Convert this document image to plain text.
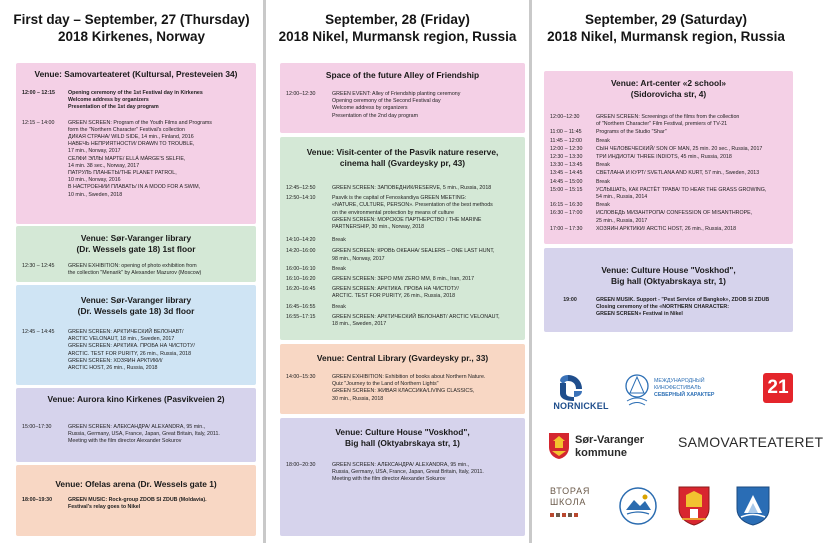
First day – September, 27 (Thursday)
2018 Kirkenes, Norway
Venue: Samovarteateret (Kultursal, Presteveien 34)
12:00 – 12:15	Opening ceremony of the 1st Festival day in Kirkenes
Welcome address by organizers
Presentation of the 1st day program
12:15 – 14:00	GREEN SCREEN: Program of the Youth Films and Programs
form the "Northern Character" Festival's collection
ДИКАЯ СТРАНА/ WILD SIDE, 14 min., Finland, 2016
НАВЕЧЬ НЕПРИЯТНОСТИ/ DRAWN TO TROUBLE,
17 min., Norway, 2017
СЕЛФИ ЭЛЛЫ МАРТЕ/ ELLÁ MÁRGE'S SELFIE,
14 min. 38 sec., Norway, 2017
ПАТРУЛЬ ПЛАНЕТЫ/THE PLANET PATROL,
10 min., Norway, 2016
В НАСТРОЕНИИ ПЛАВАТЬ/ IN A MOOD FOR A SWIM,
10 min., Sweden, 2018
Venue: Sør-Varanger library
(Dr. Wessels gate 18) 1st floor
12:30 – 12:45	GREEN EXHIBITION: opening of photo exhibition from
the collection "Menarik" by Alexander Mazurov (Moscow)
Venue: Sør-Varanger library
(Dr. Wessels gate 18) 3d floor
12:45 – 14:45	GREEN SCREEN: АРКТИЧЕСКИЙ ВЕЛОНАВТ/
ARCTIC VELONAUT, 18 min., Sweden, 2017
GREEN SCREEN: АРКТИКА. ПРОБА НА ЧИСТОТУ/
ARCTIC. TEST FOR PURITY, 26 min., Russia, 2018
GREEN SCREEN: ХОЗЯИН АРКТИКИ/
ARCTIC HOST, 26 min., Russia, 2018
Venue: Aurora kino Kirkenes (Pasvikveien 2)
15:00–17:30	GREEN SCREEN: АЛЕКСАНДРА/ ALEXANDRA, 95 min.,
Russia, Germany, USA, France, Japan, Great Britain, Italy, 2011.
Meeting with the film director Alexander Sokurov
Venue: Ofelas arena (Dr. Wessels gate 1)
18:00–19:30	GREEN MUSIC: Rock-group ZDOB SI ZDUB (Moldavia).
Festival's relay goes to Nikel
September, 28 (Friday)
2018 Nikel, Murmansk region, Russia
Space of the future Alley of Friendship
12:00–12:30	GREEN EVENT: Alley of Friendship planting ceremony
Opening ceremony of the Second Festival day
Welcome address by organizers
Presentation of the 2nd day program
Venue: Visit-center of the Pasvik nature reserve,
cinema hall (Gvardeysky pr, 43)
12:45–12:50	GREEN SCREEN: ЗАПОВЕДНИК/RESERVE, 5 min., Russia, 2018
12:50–14:10	Pasvik is the capital of Fenoskandiya GREEN MEETING:
«NATURE, CULTURE, PERSON». Presentation of the best methods
on the environmental protection by means of culture
GREEN SCREEN: МОРСКОЕ ПАРТНЕРСТВО / THE MARINE
PARTNERSHIP, 30 min., Norway, 2018
14:10–14:20	Break
14:20–16:00	GREEN SCREEN: КРОВЬ ОКЕАНА/ SEALERS – ONE LAST HUNT,
98 min., Norway, 2017
16:00–16:10	Break
16:10–16:20	GREEN SCREEN: ЗЕРО ММ/ ZERO MM, 8 min., Iran, 2017
16:20–16:45	GREEN SCREEN: АРКТИКА. ПРОБА НА ЧИСТОТУ/
ARCTIC. TEST FOR PURITY, 26 min., Russia, 2018
16:45–16:55	Break
16:55–17:15	GREEN SCREEN: АРКТИЧЕСКИЙ ВЕЛОНАВТ/ ARCTIC VELONAUT,
18 min., Sweden, 2017
Venue: Central Library (Gvardeysky pr., 33)
14:00–15:30	GREEN EXHIBITION: Exhibition of books about Northern Nature.
Quiz "Journey to the Land of Northern Lights"
GREEN SCREEN: ЖИВАЯ КЛАССИКА/LIVING CLASSICS,
30 min., Russia, 2018
Venue: Culture House "Voskhod",
Big hall (Oktyabrskaya str, 1)
18:00–20:30	GREEN SCREEN: АЛЕКСАНДРА/ ALEXANDRA, 95 min.,
Russia, Germany, USA, France, Japan, Great Britain, Italy, 2011.
Meeting with the film director Alexander Sokurov
September, 29 (Saturday)
2018 Nikel, Murmansk region, Russia
Venue: Art-center «2 school»
(Sidorovicha str, 4)
12:00–12:30	GREEN SCREEN: Screenings of the films from the collection
of "Northern Character" Film Festival, premiers of TV-21
11:00 – 11:45	Programs of the Studio "Shar"
11:45 – 12:00	Break
12:00 – 12:30	СЫН ЧЕЛОВЕЧЕСКИЙ/ SON OF MAN, 25 min. 20 sec., Russia, 2017
12:30 – 13:30	ТРИ ИНДИОТА/ THREE INDIOTS, 45 min., Russia, 2018
13:30 – 13:45	Break
13:45 – 14:45	СВЕТЛАНА И КУРТ/ SVETLANA AND KURT, 57 min., Sweden, 2013
14:45 – 15:00	Break
15:00 – 15:15	УСЛЫШАТЬ, КАК РАСТЁТ ТРАВА/ TO HEAR THE GRASS GROWING,
54 min., Russia, 2014
16:15 – 16:30	Break
16:30 – 17:00	ИСЛОВЕДЬ МИЗАНТРОПА/ CONFESSION OF MISANTHROPE,
25 min., Russia, 2017
17:00 – 17:30	ХОЗЯИН АРКТИКИ/ ARCTIC HOST, 26 min., Russia, 2018
Venue: Culture House "Voskhod",
Big hall (Oktyabrskaya str, 1)
19:00	GREEN MUSIK. Support - "Pest Service of Bangkok», ZDOB SI ZDUB
Closing ceremony of the «NORTHERN CHARACTER:
GREEN SCREEN» Festival in Nikel
NORNICKEL
МЕЖДУНАРОДНЫЙ
КИНОФЕСТИВАЛЬ
СЕВЕРНЫЙ ХАРАКТЕР	21
Sør-Varanger
kommune
SAMOVARTEATERET
ВТОРАЯ
ШКОЛА
